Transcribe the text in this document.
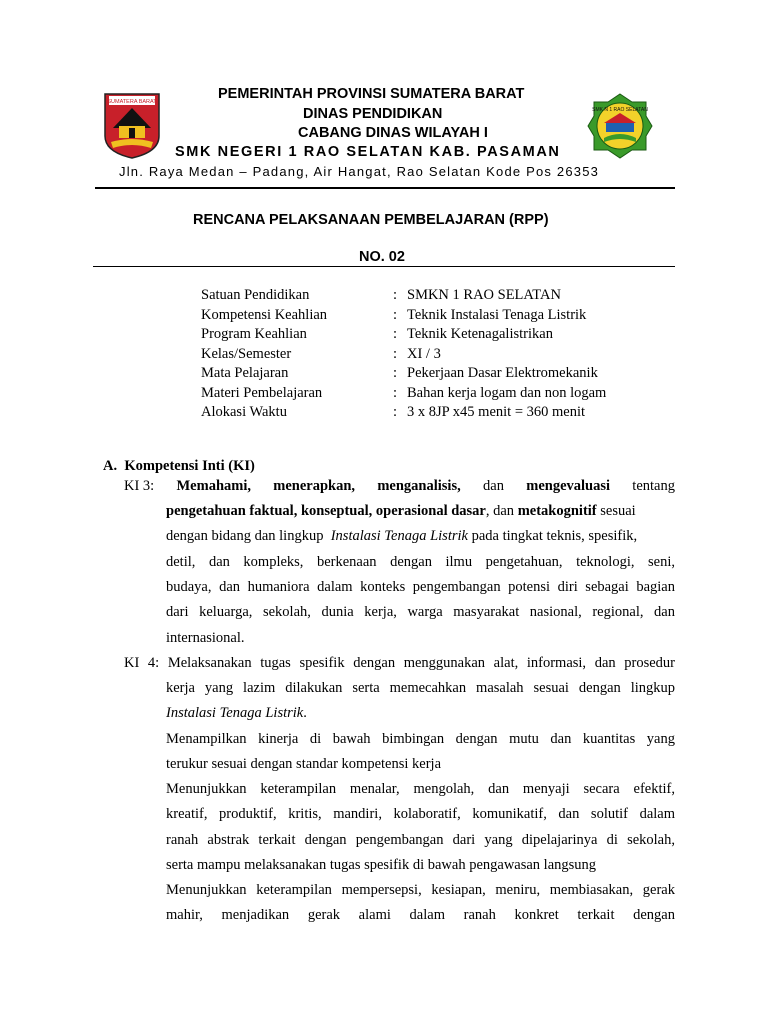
SUMATERA BARAT	PEMERINTAH PROVINSI SUMATERA BARAT
DINAS PENDIDIKAN
CABANG DINAS WILAYAH I
SMK NEGERI 1 RAO SELATAN KAB. PASAMAN
Jln. Raya Medan – Padang, Air Hangat, Rao Selatan Kode Pos 26353
SMK N 1 RAO SELATAN
RENCANA PELAKSANAAN PEMBELAJARAN (RPP)
NO. 02
Satuan Pendidikan	: SMKN 1 RAO SELATAN
Kompetensi Keahlian	: Teknik Instalasi Tenaga Listrik
Program Keahlian	: Teknik Ketenagalistrikan
Kelas/Semester	: XI / 3
Mata Pelajaran	: Pekerjaan Dasar Elektromekanik
Materi Pembelajaran	: Bahan kerja logam dan non logam
Alokasi Waktu	: 3 x 8JP x45 menit = 360 menit
A.  Kompetensi Inti (KI)
KI 3: Memahami, menerapkan, menganalisis, dan mengevaluasi tentang
pengetahuan faktual, konseptual, operasional dasar, dan metakognitif sesuai
dengan bidang dan lingkup  Instalasi Tenaga Listrik pada tingkat teknis, spesifik,
detil, dan kompleks, berkenaan dengan ilmu pengetahuan, teknologi, seni,
budaya, dan humaniora dalam konteks pengembangan potensi diri sebagai bagian
dari keluarga, sekolah, dunia kerja, warga masyarakat nasional, regional, dan
internasional.
KI 4: Melaksanakan tugas spesifik dengan menggunakan alat, informasi, dan prosedur
kerja yang lazim dilakukan serta memecahkan masalah sesuai dengan lingkup
Instalasi Tenaga Listrik.
Menampilkan kinerja di bawah bimbingan dengan mutu dan kuantitas yang
terukur sesuai dengan standar kompetensi kerja
Menunjukkan keterampilan menalar, mengolah, dan menyaji secara efektif,
kreatif, produktif, kritis, mandiri, kolaboratif, komunikatif, dan solutif dalam
ranah abstrak terkait dengan pengembangan dari yang dipelajarinya di sekolah,
serta mampu melaksanakan tugas spesifik di bawah pengawasan langsung
Menunjukkan keterampilan mempersepsi, kesiapan, meniru, membiasakan, gerak
mahir, menjadikan gerak alami dalam ranah konkret terkait dengan
